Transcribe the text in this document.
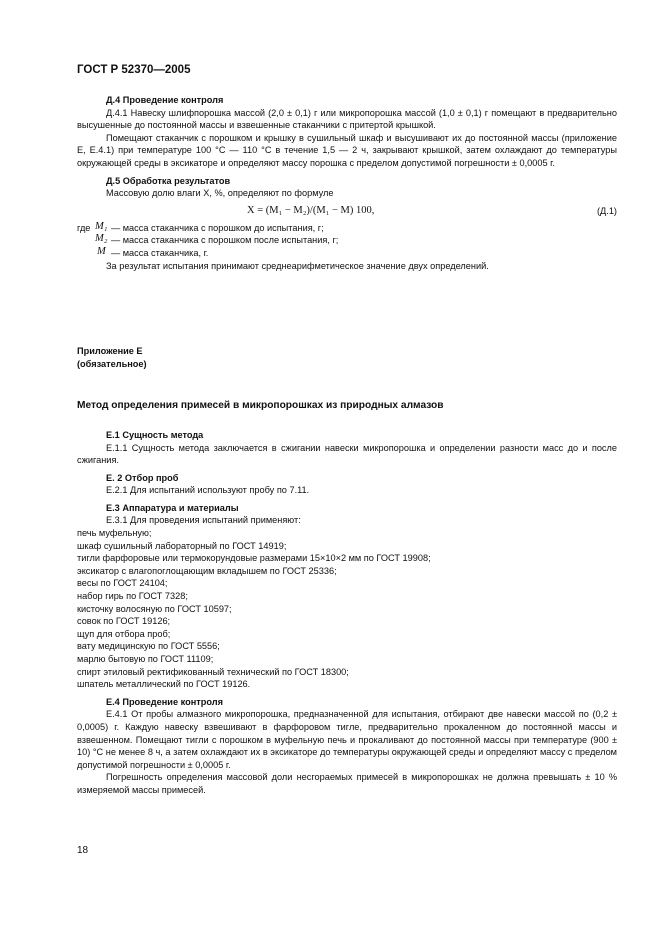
ГОСТ Р 52370—2005

Д.4 Проведение контроля

Д.4.1 Навеску шлифпорошка массой (2,0 ± 0,1) г или микропорошка массой (1,0 ± 0,1) г помещают в предварительно высушенные до постоянной массы и взвешенные стаканчики с притертой крышкой.

Помещают стаканчик с порошком и крышку в сушильный шкаф и высушивают их до постоянной массы (приложение Е, Е.4.1) при температуре 100 °С — 110 °С в течение 1,5 — 2 ч, закрывают крышкой, затем охлаждают до температуры окружающей среды в эксикаторе и определяют массу порошка с пределом допустимой погрешности ± 0,0005 г.

Д.5 Обработка результатов

Массовую долю влаги X, %, определяют по формуле

X = (M₁ − M₂)/(M₁ − M) 100,	(Д.1)
где M₁ — масса стаканчика с порошком до испытания, г;
M₂ — масса стаканчика с порошком после испытания, г;
M — масса стаканчика, г.

За результат испытания принимают среднеарифметическое значение двух определений.

Приложение Е

(обязательное)

Метод определения примесей в микропорошках из природных алмазов

Е.1 Сущность метода

Е.1.1 Сущность метода заключается в сжигании навески микропорошка и определении разности масс до и после сжигания.

Е. 2 Отбор проб

Е.2.1 Для испытаний используют пробу по 7.11.

Е.3 Аппаратура и материалы

Е.3.1 Для проведения испытаний применяют:

печь муфельную;

шкаф сушильный лабораторный по ГОСТ 14919;

тигли фарфоровые или термокорундовые размерами 15×10×2 мм по ГОСТ 19908;

эксикатор с влагопоглощающим вкладышем по ГОСТ 25336;

весы по ГОСТ 24104;

набор гирь по ГОСТ 7328;

кисточку волосяную по ГОСТ 10597;

совок по ГОСТ 19126;

щуп для отбора проб;

вату медицинскую по ГОСТ 5556;

марлю бытовую по ГОСТ 11109;

спирт этиловый ректификованный технический по ГОСТ 18300;

шпатель металлический по ГОСТ 19126.

Е.4 Проведение контроля

Е.4.1 От пробы алмазного микропорошка, предназначенной для испытания, отбирают две навески массой по (0,2 ± 0,0005) г. Каждую навеску взвешивают в фарфоровом тигле, предварительно прокаленном до постоянной массы и взвешенном. Помещают тигли с порошком в муфельную печь и прокаливают до постоянной массы при температуре (900 ± 10) °С не менее 8 ч, а затем охлаждают их в эксикаторе до температуры окружающей среды и определяют массу с пределом допустимой погрешности ± 0,0005 г.

Погрешность определения массовой доли несгораемых примесей в микропорошках не должна превышать ± 10 % измеряемой массы примесей.

18
